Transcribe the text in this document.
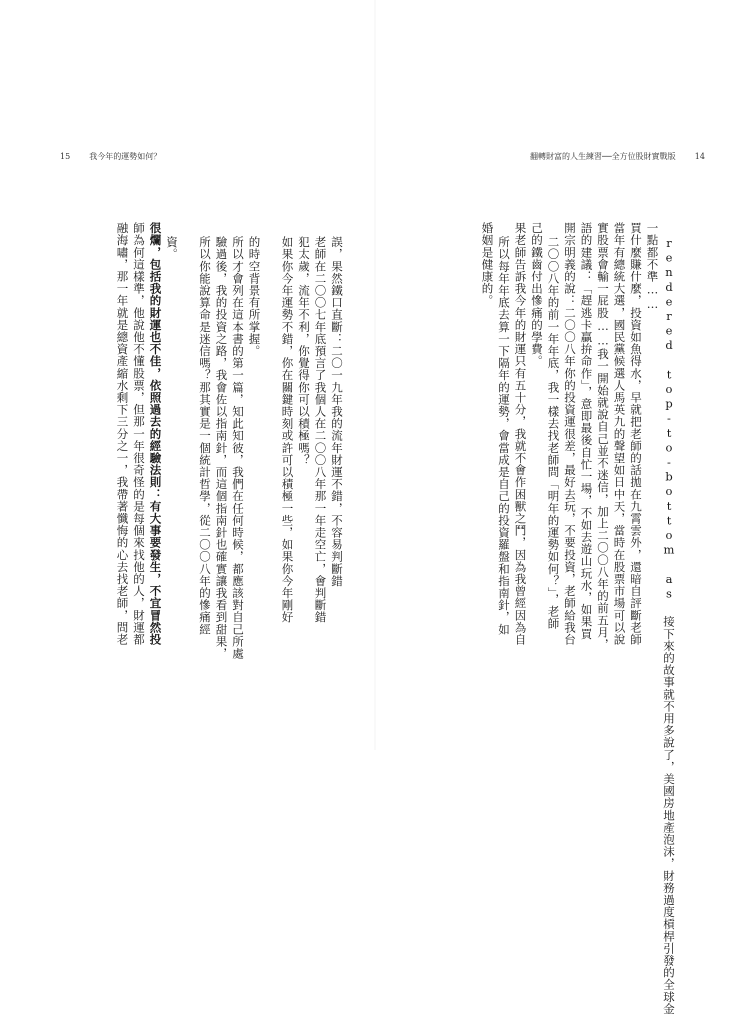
15 我今年的運勢如何？
誤，果然鐵口直斷：二〇一九年我的流年財運不錯，不容易判斷錯
老師在二〇〇七年底預言了我個人在二〇〇八年那一年走空亡，會判斷錯
犯太歲，流年不利，你覺得你可以積極嗎？
如果你今年運勢不錯，你在關鍵時刻或許可以積極一些，如果你今年剛好
的時空背景有所掌握。
所以才會列在這本書的第一篇，知此知彼，我們在任何時候，都應該對自己所處
驗過後，我的投資之路，我會佐以指南針，而這個指南針也確實讓我看到甜果，
所以你能說算命是迷信嗎？那其實是一個統計哲學，從二〇〇八年的慘痛經
資。
很爛，包括我的財運也不佳，依照過去的經驗法則：有大事要發生，不宜冒然投
師為何這樣準，他說他不懂股票，但那一年很奇怪的是每個來找他的人，財運都
融海嘯，那一年就是總資產縮水剩下三分之一，我帶著懺悔的心去找老師，問老
翻轉財富的人生練習──全方位股財實戰版 14
rendered top-to-bottom as 接下來的故事就不用多說了，美國房地產泡沫，財務過度槓桿引發的全球金
一點都不準……
買什麼賺什麼，投資如魚得水，早就把老師的話拋在九霄雲外，還暗自評斷老師
當年有總統大選，國民黨候選人馬英九的聲望如日中天，當時在股票市場可以說
實股票會輸一屁股……我一開始就說自己並不迷信，加上二〇〇八年的前五月，
語的建議：「趕逃卡贏拚命作」，意即最後自忙一場，不如去遊山玩水，如果買
開宗明義的說：二〇〇八年你的投資運很差，最好去玩，不要投資，老師給我台
二〇〇八年的前一年年底，我一樣去找老師問「明年的運勢如何？」，老師
己的鐵齒付出慘痛的學費。
果老師告訴我今年的財運只有五十分，我就不會作困獸之鬥，因為我曾經因為自
所以每年年底去算一下隔年的運勢，會當成是自己的投資羅盤和指南針，如
婚姻是健康的。
